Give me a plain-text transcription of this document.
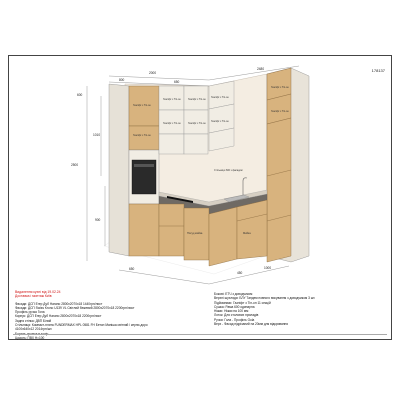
178137
2000
800	650
2480
600
2500
1010
900
Газліфт з Тіп-он
Газліфт з Тіп-он
Газліфт з Тіп-он
Газліфт з Тіп-он
Газліфт з Тіп-он
Газліфт з Тіп-он
Газліфт з Тіп-он
Газліфт з Тіп-он
Газліфт з Тіп-он
Газліфт з Тіп-он
Посуд мийка	Мийка
Стільниця 600 з фасадом
650
450
1000
Видалення кухні від 19.02.24
Доставка і монтаж Київ
Фасади: ДСП Егер Дуб Нагано 2800х2070х18 1440грн/лист
Фасади: ДСП Swiss Krono U139 VL Світлий бежевий 2800х2070х18 2200грн/лист
Профіль ручка Гола
Корпус: ДСП Егер Дуб Нагано 2800х2070х18 2200грн/лист
Задня стінка: ДВП Білий
Стільниця: Компакт-плита FUNDERMAX HPL 0581 FH Бетон Маніша світлий / керни-доро
4100х640х12 2014грн/шт.
Бортик: кромка в колір
Цоколь: ПВХ Н=100
Бокові: ЕТЧ з доводчиком
Верхні шухляди: БЛУ Тандем повного висування з доводчиком 3 шт.
Підйомники: Газліфт з Тіп-он 11 секцій
Сушка: Рама 600 одинарна
Ніжки: Ніжки на 100 мм
Лоток: Для столових приладів
Ручки: Гола - Профіль Gola
Верх - Фасад підрізаний на 20мм для відкривання
